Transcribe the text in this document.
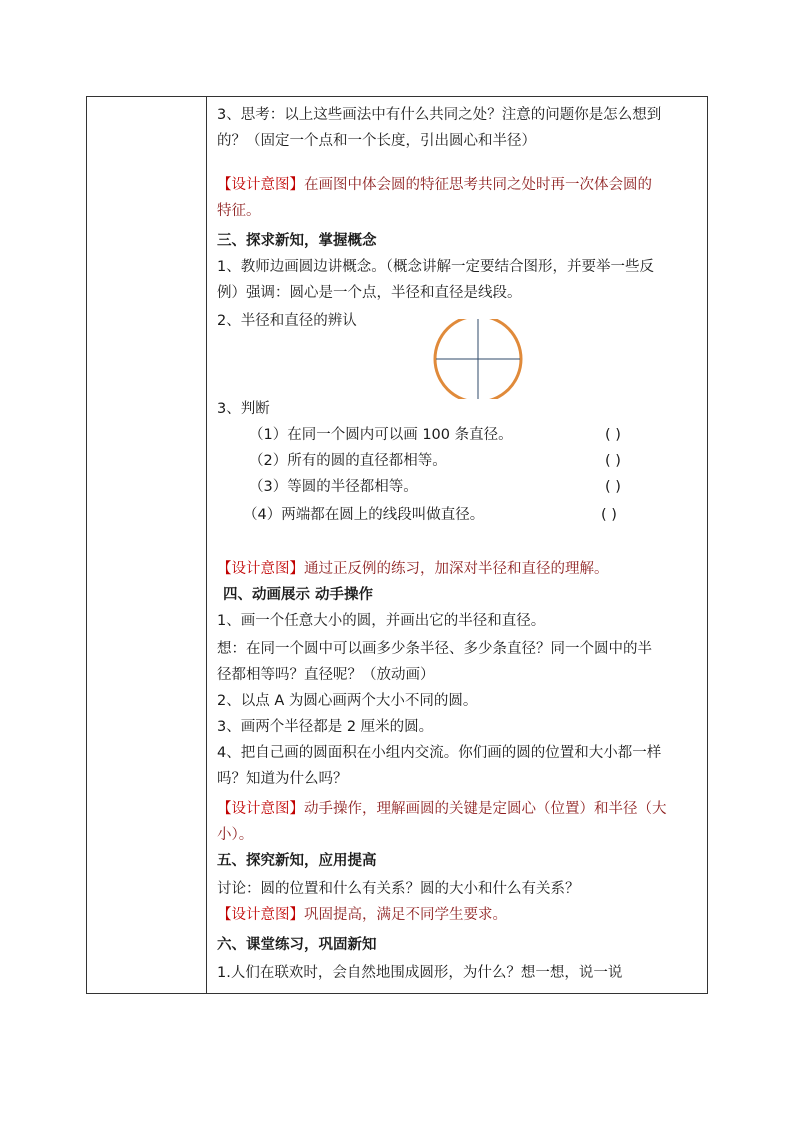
3、思考：以上这些画法中有什么共同之处？注意的问题你是怎么想到
的？（固定一个点和一个长度，引出圆心和半径）
【设计意图】在画图中体会圆的特征思考共同之处时再一次体会圆的
特征。
三、探求新知，掌握概念
1、教师边画圆边讲概念。（概念讲解一定要结合图形，并要举一些反
例）强调：圆心是一个点，半径和直径是线段。
2、半径和直径的辨认
3、判断
（1）在同一个圆内可以画 100 条直径。	( )
（2）所有的圆的直径都相等。	( )
（3）等圆的半径都相等。	( )
（4）两端都在圆上的线段叫做直径。	( )
【设计意图】通过正反例的练习，加深对半径和直径的理解。
四、动画展示 动手操作
1、画一个任意大小的圆，并画出它的半径和直径。
想：在同一个圆中可以画多少条半径、多少条直径？同一个圆中的半
径都相等吗？直径呢？（放动画）
2、以点 A 为圆心画两个大小不同的圆。
3、画两个半径都是 2 厘米的圆。
4、把自己画的圆面积在小组内交流。你们画的圆的位置和大小都一样
吗？知道为什么吗？
【设计意图】动手操作，理解画圆的关键是定圆心（位置）和半径（大
小）。
五、探究新知，应用提高
讨论：圆的位置和什么有关系？圆的大小和什么有关系？
【设计意图】巩固提高，满足不同学生要求。
六、课堂练习，巩固新知
1.人们在联欢时，会自然地围成圆形，为什么？想一想，说一说
